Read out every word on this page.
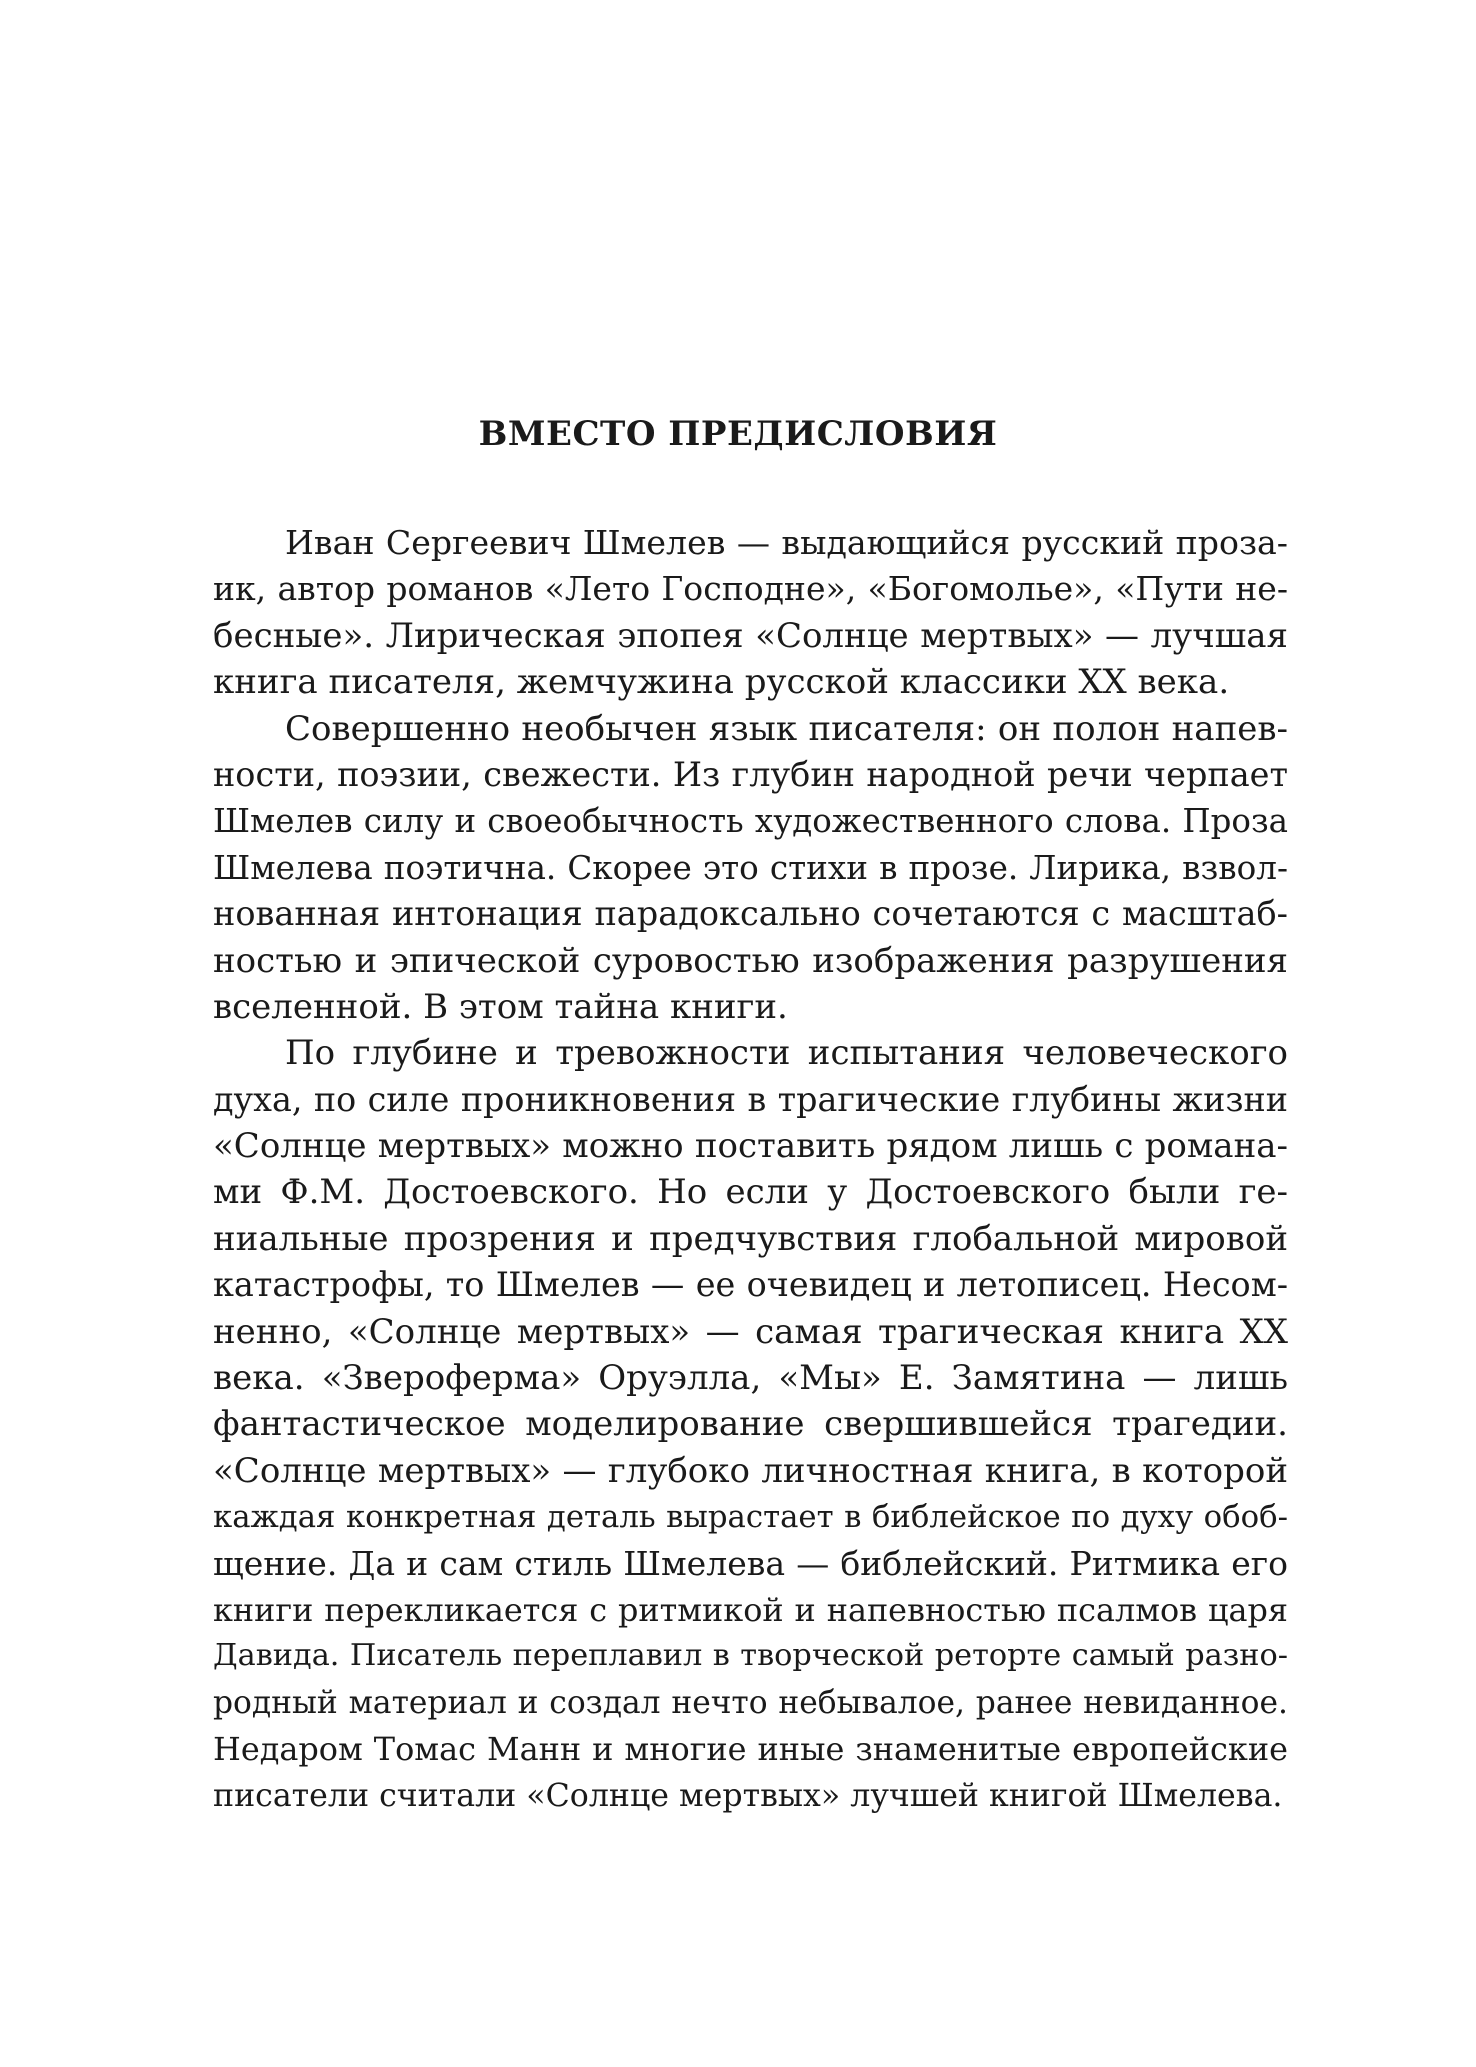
ВМЕСТО ПРЕДИСЛОВИЯ
Иван Сергеевич Шмелев — выдающийся русский проза-
ик, автор романов «Лето Господне», «Богомолье», «Пути не-
бесные». Лирическая эпопея «Солнце мертвых» — лучшая
книга писателя, жемчужина русской классики XX века.
Совершенно необычен язык писателя: он полон напев-
ности, поэзии, свежести. Из глубин народной речи черпает
Шмелев силу и своеобычность художественного слова. Проза
Шмелева поэтична. Скорее это стихи в прозе. Лирика, взвол-
нованная интонация парадоксально сочетаются с масштаб-
ностью и эпической суровостью изображения разрушения
вселенной. В этом тайна книги.
По глубине и тревожности испытания человеческого
духа, по силе проникновения в трагические глубины жизни
«Солнце мертвых» можно поставить рядом лишь с романа-
ми Ф.М. Достоевского. Но если у Достоевского были ге-
ниальные прозрения и предчувствия глобальной мировой
катастрофы, то Шмелев — ее очевидец и летописец. Несом-
ненно, «Солнце мертвых» — самая трагическая книга XX
века. «Звероферма» Оруэлла, «Мы» Е. Замятина — лишь
фантастическое моделирование свершившейся трагедии.
«Солнце мертвых» — глубоко личностная книга, в которой
каждая конкретная деталь вырастает в библейское по духу обоб-
щение. Да и сам стиль Шмелева — библейский. Ритмика его
книги перекликается с ритмикой и напевностью псалмов царя
Давида. Писатель переплавил в творческой реторте самый разно-
родный материал и создал нечто небывалое, ранее невиданное.
Недаром Томас Манн и многие иные знаменитые европейские
писатели считали «Солнце мертвых» лучшей книгой Шмелева.
